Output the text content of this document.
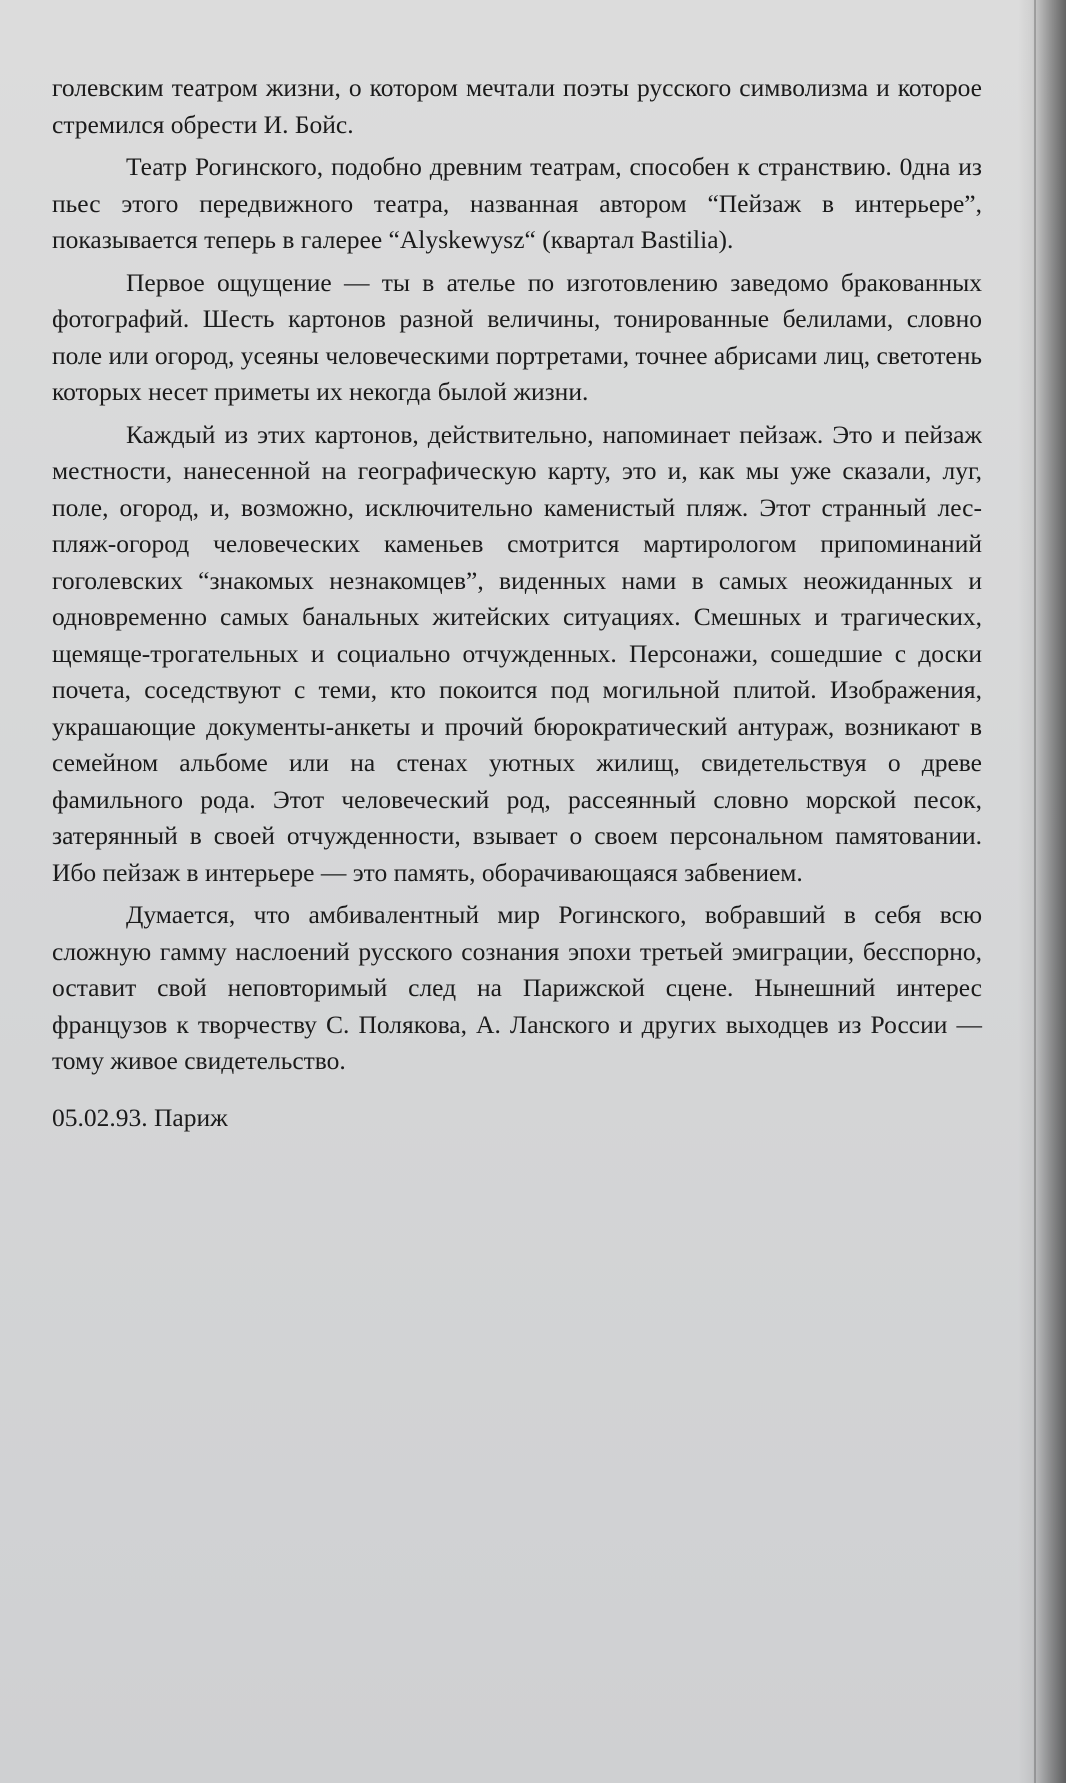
голевским театром жизни, о котором мечтали поэты русского символизма и которое стремился обрести И. Бойс.

Театр Рогинского, подобно древним театрам, способен к странствию. 0дна из пьес этого передвижного театра, названная автором “Пейзаж в интерьере”, показывается теперь в галерее “Alyskewysz“ (квартал Bastilia).

Первое ощущение — ты в ателье по изготовлению заведомо бракованных фотографий. Шесть картонов разной величины, тонированные белилами, словно поле или огород, усеяны человеческими портретами, точнее абрисами лиц, светотень которых несет приметы их некогда былой жизни.

Каждый из этих картонов, действительно, напоминает пейзаж. Это и пейзаж местности, нанесенной на географическую карту, это и, как мы уже сказали, луг, поле, огород, и, возможно, исключительно каменистый пляж. Этот странный лес-пляж-огород человеческих каменьев смотрится мартирологом припоминаний гоголевских “знакомых незнакомцев”, виденных нами в самых неожиданных и одновременно самых банальных житейских ситуациях. Смешных и трагических, щемяще-трогательных и социально отчужденных. Персонажи, сошедшие с доски почета, соседствуют с теми, кто покоится под могильной плитой. Изображения, украшающие документы-анкеты и прочий бюрократический антураж, возникают в семейном альбоме или на стенах уютных жилищ, свидетельствуя о древе фамильного рода. Этот человеческий род, рассеянный словно морской песок, затерянный в своей отчужденности, взывает о своем персональном памятовании. Ибо пейзаж в интерьере — это память, оборачивающаяся забвением.

Думается, что амбивалентный мир Рогинского, вобравший в себя всю сложную гамму наслоений русского сознания эпохи третьей эмиграции, бесспорно, оставит свой неповторимый след на Парижской сцене. Нынешний интерес французов к творчеству С. Полякова, А. Ланского и других выходцев из России — тому живое свидетельство.

05.02.93. Париж
